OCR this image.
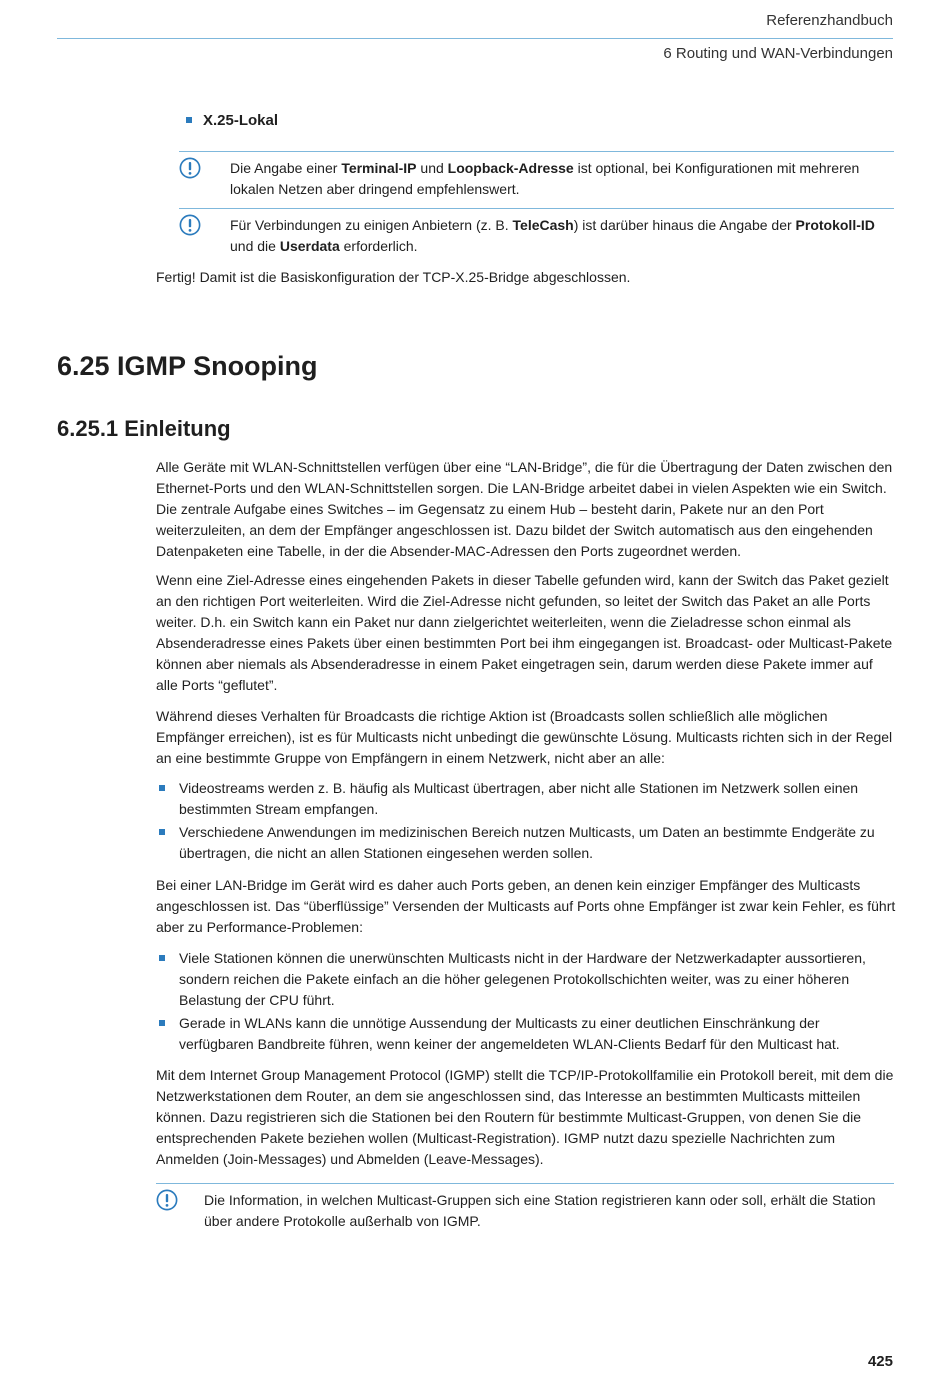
Referenzhandbuch
6 Routing und WAN-Verbindungen
X.25-Lokal
Die Angabe einer Terminal-IP und Loopback-Adresse ist optional, bei Konfigurationen mit mehreren lokalen Netzen aber dringend empfehlenswert.
Für Verbindungen zu einigen Anbietern (z. B. TeleCash) ist darüber hinaus die Angabe der Protokoll-ID und die Userdata erforderlich.
Fertig! Damit ist die Basiskonfiguration der TCP-X.25-Bridge abgeschlossen.
6.25 IGMP Snooping
6.25.1 Einleitung
Alle Geräte mit WLAN-Schnittstellen verfügen über eine “LAN-Bridge”, die für die Übertragung der Daten zwischen den Ethernet-Ports und den WLAN-Schnittstellen sorgen. Die LAN-Bridge arbeitet dabei in vielen Aspekten wie ein Switch. Die zentrale Aufgabe eines Switches – im Gegensatz zu einem Hub – besteht darin, Pakete nur an den Port weiterzuleiten, an dem der Empfänger angeschlossen ist. Dazu bildet der Switch automatisch aus den eingehenden Datenpaketen eine Tabelle, in der die Absender-MAC-Adressen den Ports zugeordnet werden.
Wenn eine Ziel-Adresse eines eingehenden Pakets in dieser Tabelle gefunden wird, kann der Switch das Paket gezielt an den richtigen Port weiterleiten. Wird die Ziel-Adresse nicht gefunden, so leitet der Switch das Paket an alle Ports weiter. D.h. ein Switch kann ein Paket nur dann zielgerichtet weiterleiten, wenn die Zieladresse schon einmal als Absenderadresse eines Pakets über einen bestimmten Port bei ihm eingegangen ist. Broadcast- oder Multicast-Pakete können aber niemals als Absenderadresse in einem Paket eingetragen sein, darum werden diese Pakete immer auf alle Ports “geflutet”.
Während dieses Verhalten für Broadcasts die richtige Aktion ist (Broadcasts sollen schließlich alle möglichen Empfänger erreichen), ist es für Multicasts nicht unbedingt die gewünschte Lösung. Multicasts richten sich in der Regel an eine bestimmte Gruppe von Empfängern in einem Netzwerk, nicht aber an alle:
Videostreams werden z. B. häufig als Multicast übertragen, aber nicht alle Stationen im Netzwerk sollen einen bestimmten Stream empfangen.
Verschiedene Anwendungen im medizinischen Bereich nutzen Multicasts, um Daten an bestimmte Endgeräte zu übertragen, die nicht an allen Stationen eingesehen werden sollen.
Bei einer LAN-Bridge im Gerät wird es daher auch Ports geben, an denen kein einziger Empfänger des Multicasts angeschlossen ist. Das “überflüssige” Versenden der Multicasts auf Ports ohne Empfänger ist zwar kein Fehler, es führt aber zu Performance-Problemen:
Viele Stationen können die unerwünschten Multicasts nicht in der Hardware der Netzwerkadapter aussortieren, sondern reichen die Pakete einfach an die höher gelegenen Protokollschichten weiter, was zu einer höheren Belastung der CPU führt.
Gerade in WLANs kann die unnötige Aussendung der Multicasts zu einer deutlichen Einschränkung der verfügbaren Bandbreite führen, wenn keiner der angemeldeten WLAN-Clients Bedarf für den Multicast hat.
Mit dem Internet Group Management Protocol (IGMP) stellt die TCP/IP-Protokollfamilie ein Protokoll bereit, mit dem die Netzwerkstationen dem Router, an dem sie angeschlossen sind, das Interesse an bestimmten Multicasts mitteilen können. Dazu registrieren sich die Stationen bei den Routern für bestimmte Multicast-Gruppen, von denen Sie die entsprechenden Pakete beziehen wollen (Multicast-Registration). IGMP nutzt dazu spezielle Nachrichten zum Anmelden (Join-Messages) und Abmelden (Leave-Messages).
Die Information, in welchen Multicast-Gruppen sich eine Station registrieren kann oder soll, erhält die Station über andere Protokolle außerhalb von IGMP.
425
